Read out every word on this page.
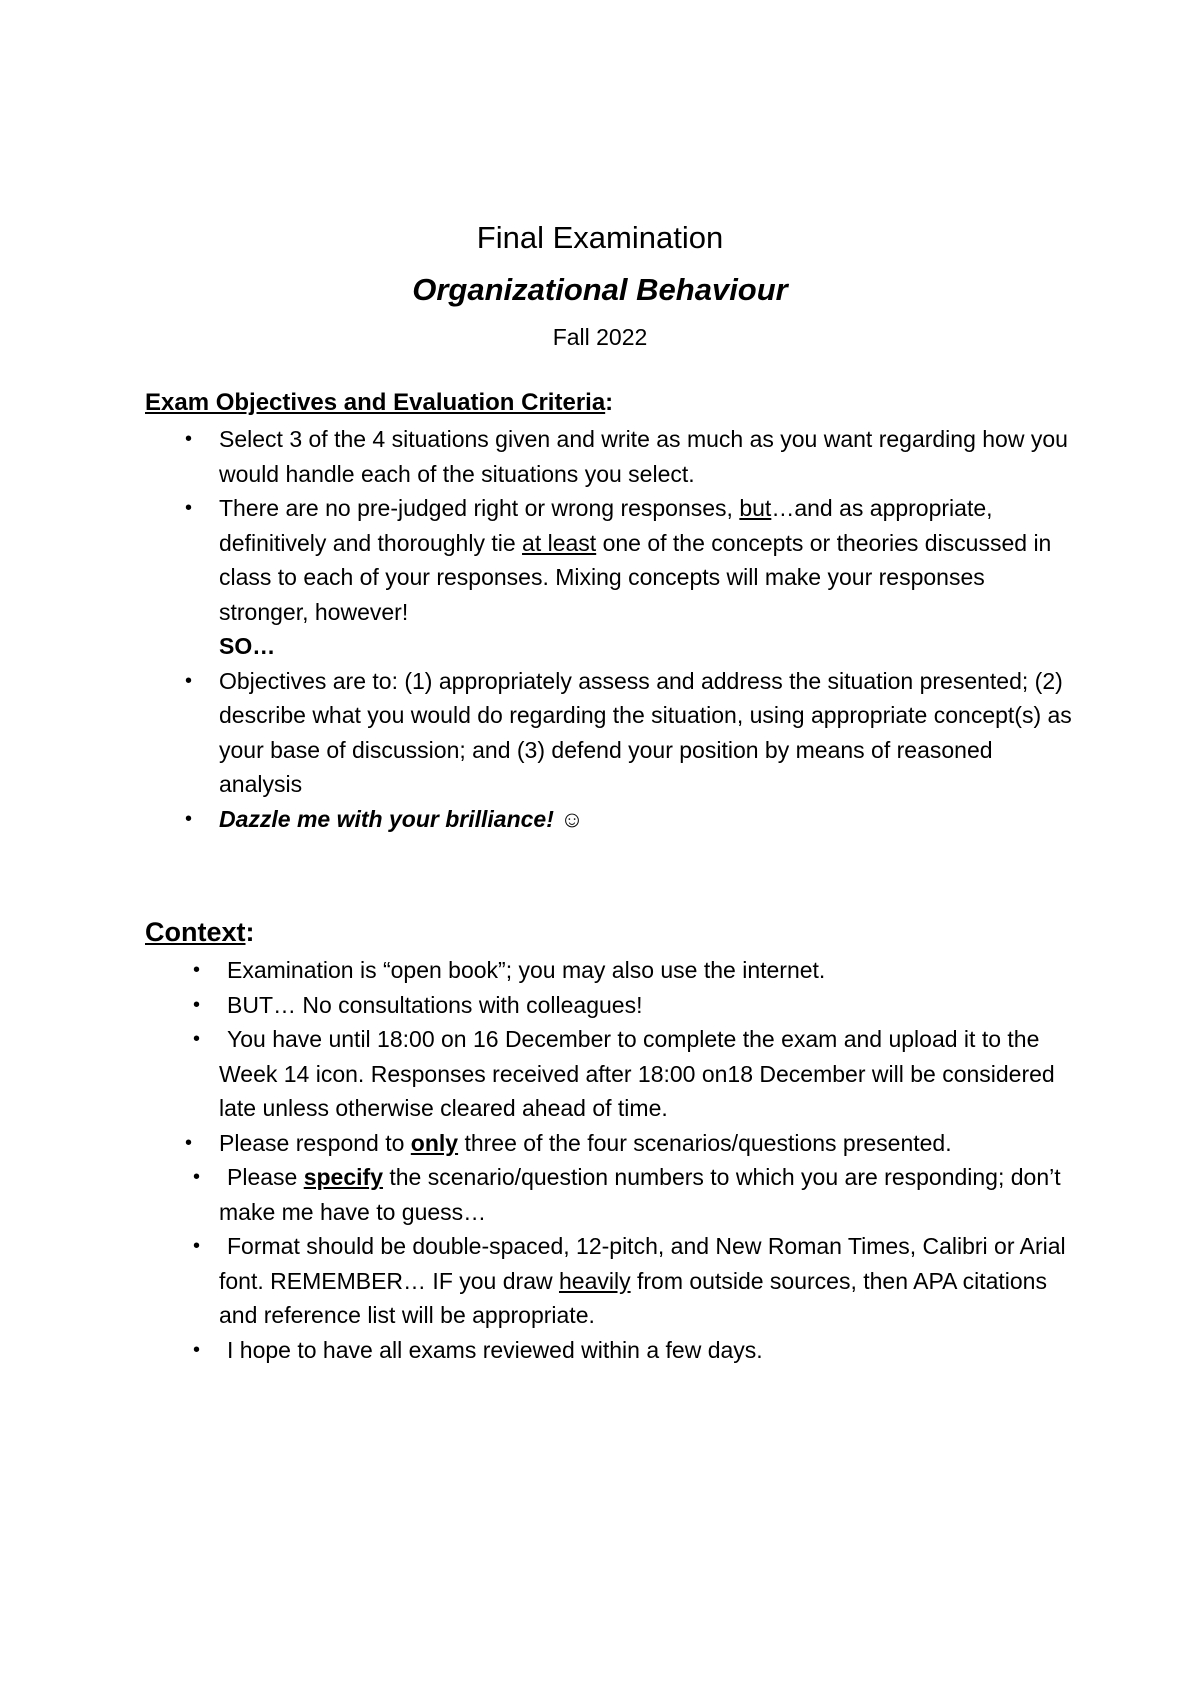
Final Examination
Organizational Behaviour
Fall 2022
Exam Objectives and Evaluation Criteria:
• Select 3 of the 4 situations given and write as much as you want regarding how you would handle each of the situations you select.
• There are no pre-judged right or wrong responses, but…and as appropriate, definitively and thoroughly tie at least one of the concepts or theories discussed in class to each of your responses. Mixing concepts will make your responses stronger, however!
SO…
• Objectives are to: (1) appropriately assess and address the situation presented; (2) describe what you would do regarding the situation, using appropriate concept(s) as your base of discussion; and (3) defend your position by means of reasoned analysis
• Dazzle me with your brilliance! ☺
Context:
• Examination is “open book”; you may also use the internet.
• BUT… No consultations with colleagues!
• You have until 18:00 on 16 December to complete the exam and upload it to the Week 14 icon. Responses received after 18:00 on18 December will be considered late unless otherwise cleared ahead of time.
• Please respond to only three of the four scenarios/questions presented.
• Please specify the scenario/question numbers to which you are responding; don’t make me have to guess…
• Format should be double-spaced, 12-pitch, and New Roman Times, Calibri or Arial font. REMEMBER… IF you draw heavily from outside sources, then APA citations and reference list will be appropriate.
• I hope to have all exams reviewed within a few days.
